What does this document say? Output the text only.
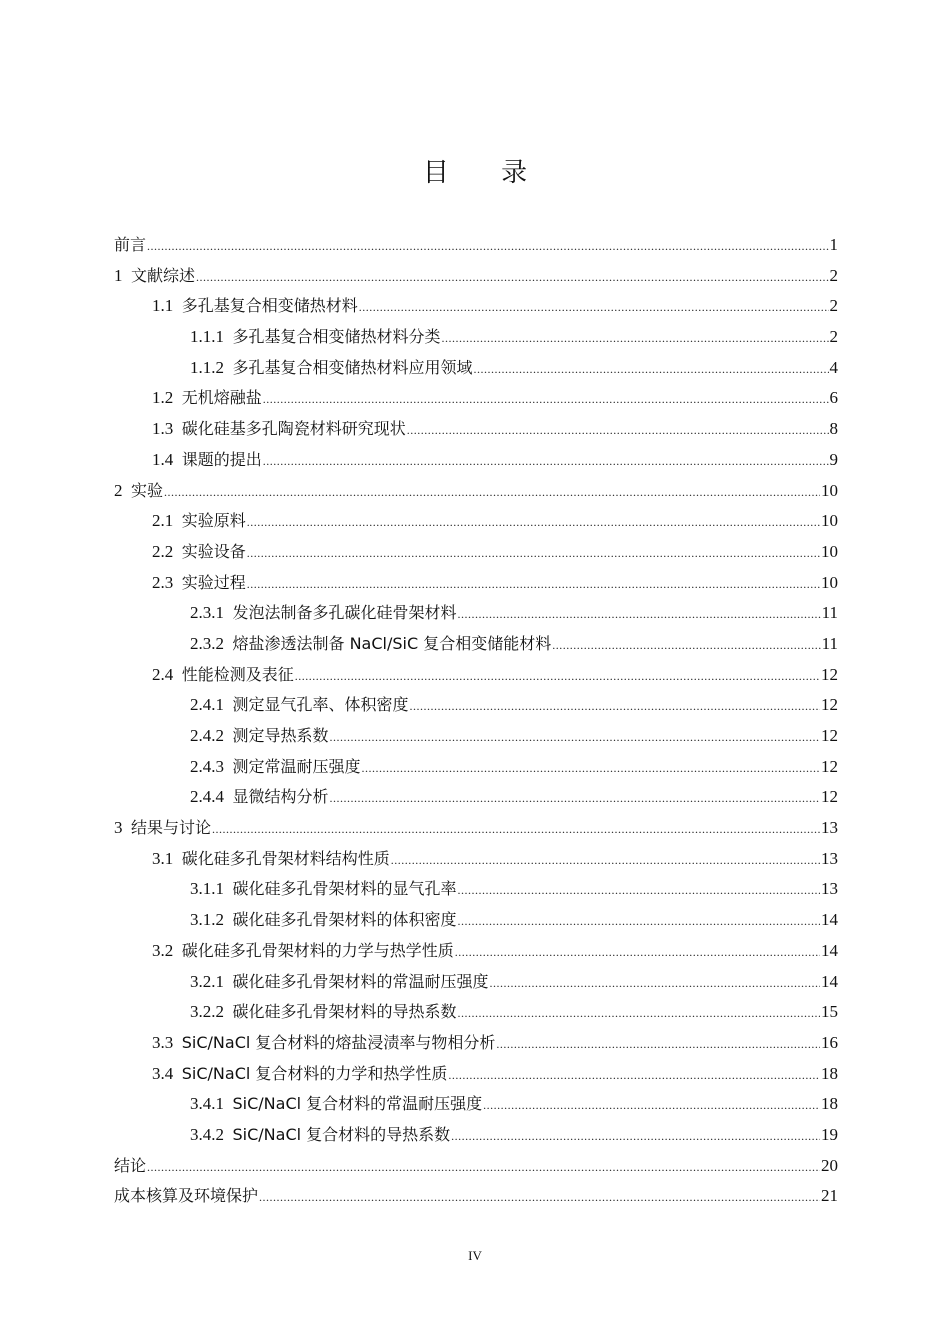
目 录
前言 .....	1
1 文献综述 .....	2
1.1 多孔基复合相变储热材料 .....	2
1.1.1 多孔基复合相变储热材料分类 .....	2
1.1.2 多孔基复合相变储热材料应用领域 .....	4
1.2 无机熔融盐 .....	6
1.3 碳化硅基多孔陶瓷材料研究现状 .....	8
1.4 课题的提出 .....	9
2 实验 .....	10
2.1 实验原料 .....	10
2.2 实验设备 .....	10
2.3 实验过程 .....	10
2.3.1 发泡法制备多孔碳化硅骨架材料 .....	11
2.3.2 熔盐渗透法制备 NaCl/SiC 复合相变储能材料 .....	11
2.4 性能检测及表征 .....	12
2.4.1 测定显气孔率、体积密度 .....	12
2.4.2 测定导热系数 .....	12
2.4.3 测定常温耐压强度 .....	12
2.4.4 显微结构分析 .....	12
3 结果与讨论 .....	13
3.1 碳化硅多孔骨架材料结构性质 .....	13
3.1.1 碳化硅多孔骨架材料的显气孔率 .....	13
3.1.2 碳化硅多孔骨架材料的体积密度 .....	14
3.2 碳化硅多孔骨架材料的力学与热学性质 .....	14
3.2.1 碳化硅多孔骨架材料的常温耐压强度 .....	14
3.2.2 碳化硅多孔骨架材料的导热系数 .....	15
3.3 SiC/NaCl 复合材料的熔盐浸渍率与物相分析 .....	16
3.4 SiC/NaCl 复合材料的力学和热学性质 .....	18
3.4.1 SiC/NaCl 复合材料的常温耐压强度 .....	18
3.4.2 SiC/NaCl 复合材料的导热系数 .....	19
结论 .....	20
成本核算及环境保护 .....	21
IV
